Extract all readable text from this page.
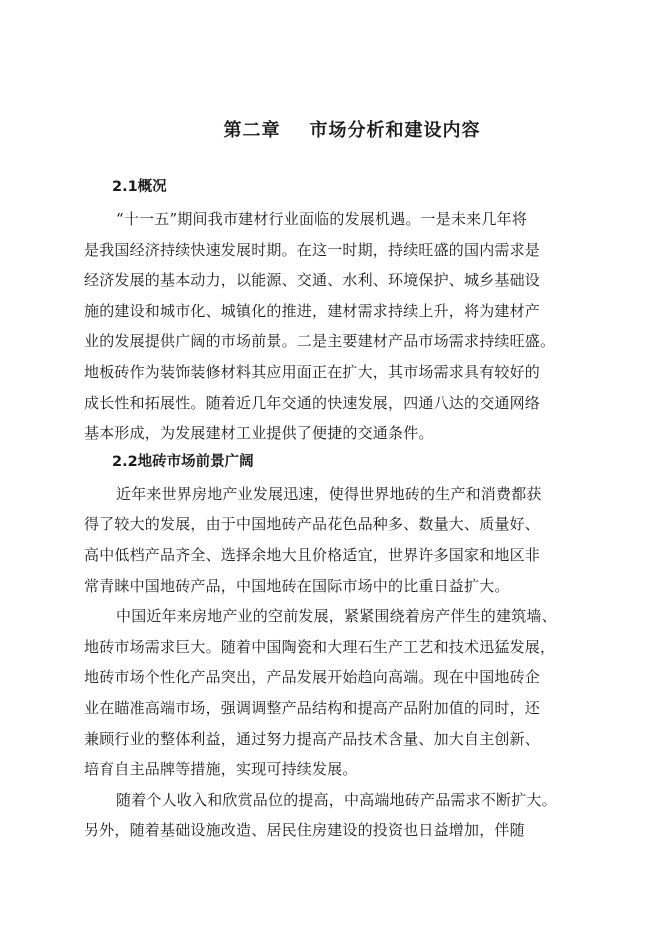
第二章    市场分析和建设内容
2.1概况
“十一五”期间我市建材行业面临的发展机遇。一是未来几年将
是我国经济持续快速发展时期。在这一时期，持续旺盛的国内需求是
经济发展的基本动力，以能源、交通、水利、环境保护、城乡基础设
施的建设和城市化、城镇化的推进，建材需求持续上升，将为建材产
业的发展提供广阔的市场前景。二是主要建材产品市场需求持续旺盛。
地板砖作为装饰装修材料其应用面正在扩大，其市场需求具有较好的
成长性和拓展性。随着近几年交通的快速发展，四通八达的交通网络
基本形成，为发展建材工业提供了便捷的交通条件。
2.2地砖市场前景广阔
近年来世界房地产业发展迅速，使得世界地砖的生产和消费都获
得了较大的发展，由于中国地砖产品花色品种多、数量大、质量好、
高中低档产品齐全、选择余地大且价格适宜，世界许多国家和地区非
常青睐中国地砖产品，中国地砖在国际市场中的比重日益扩大。
中国近年来房地产业的空前发展，紧紧围绕着房产伴生的建筑墙、
地砖市场需求巨大。随着中国陶瓷和大理石生产工艺和技术迅猛发展，
地砖市场个性化产品突出，产品发展开始趋向高端。现在中国地砖企
业在瞄准高端市场，强调调整产品结构和提高产品附加值的同时，还
兼顾行业的整体利益，通过努力提高产品技术含量、加大自主创新、
培育自主品牌等措施，实现可持续发展。
随着个人收入和欣赏品位的提高，中高端地砖产品需求不断扩大。
另外，随着基础设施改造、居民住房建设的投资也日益增加，伴随
